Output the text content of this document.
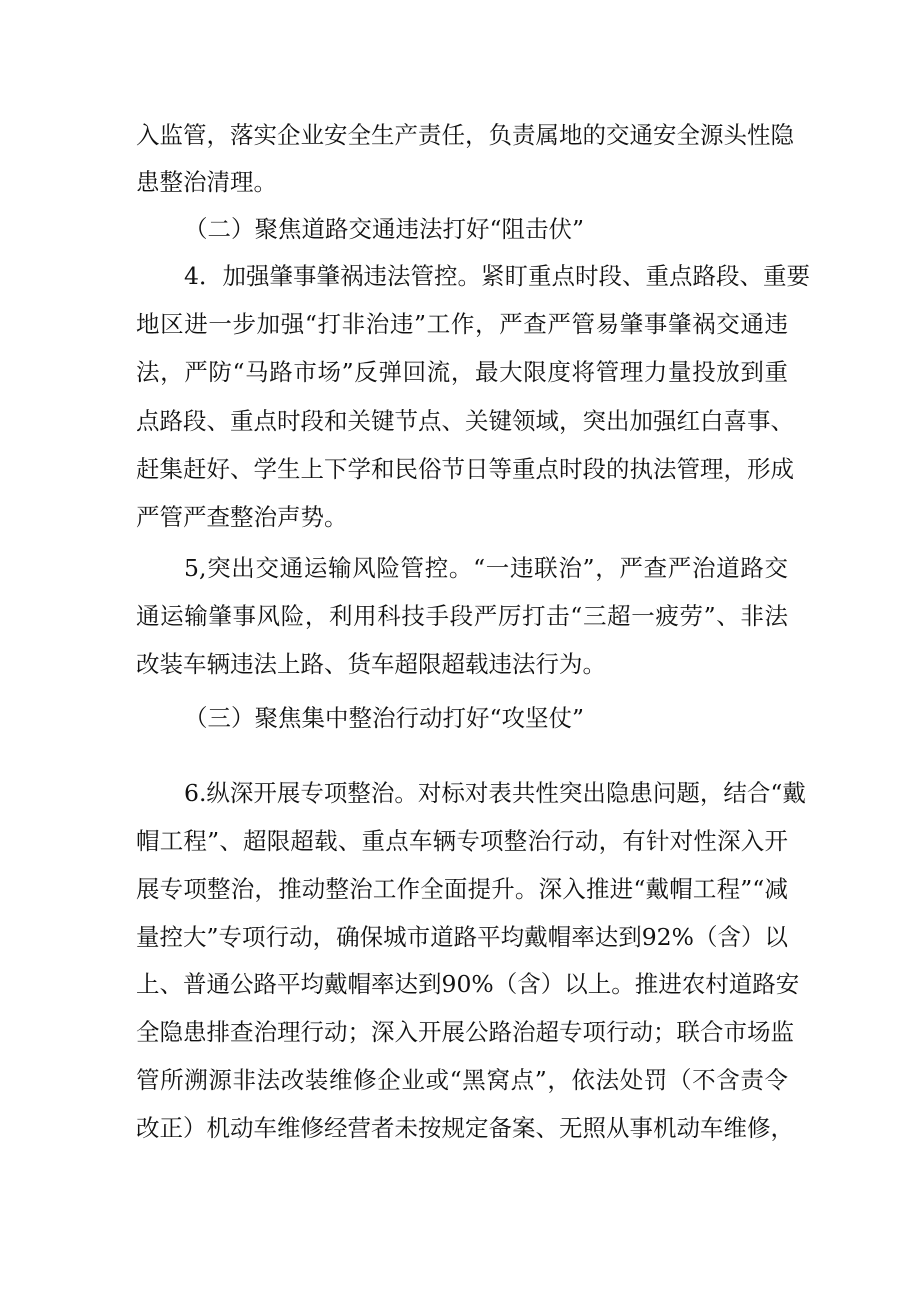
入监管，落实企业安全生产责任，负责属地的交通安全源头性隐
患整治清理。
（二）聚焦道路交通违法打好“阻击伏”
4．加强肇事肇祸违法管控。紧盯重点时段、重点路段、重要
地区进一步加强“打非治违”工作，严查严管易肇事肇祸交通违
法，严防“马路市场”反弹回流，最大限度将管理力量投放到重
点路段、重点时段和关键节点、关键领域，突出加强红白喜事、
赶集赶好、学生上下学和民俗节日等重点时段的执法管理，形成
严管严查整治声势。
5,突出交通运输风险管控。“一违联治”，严查严治道路交
通运输肇事风险，利用科技手段严厉打击“三超一疲劳”、非法
改装车辆违法上路、货车超限超载违法行为。
（三）聚焦集中整治行动打好“攻坚仗”
6.纵深开展专项整治。对标对表共性突出隐患问题，结合“戴
帽工程”、超限超载、重点车辆专项整治行动，有针对性深入开
展专项整治，推动整治工作全面提升。深入推进“戴帽工程”“减
量控大”专项行动，确保城市道路平均戴帽率达到92%（含）以
上、普通公路平均戴帽率达到90%（含）以上。推进农村道路安
全隐患排查治理行动；深入开展公路治超专项行动；联合市场监
管所溯源非法改装维修企业或“黑窝点”，依法处罚（不含责令
改正）机动车维修经营者未按规定备案、无照从事机动车维修，
